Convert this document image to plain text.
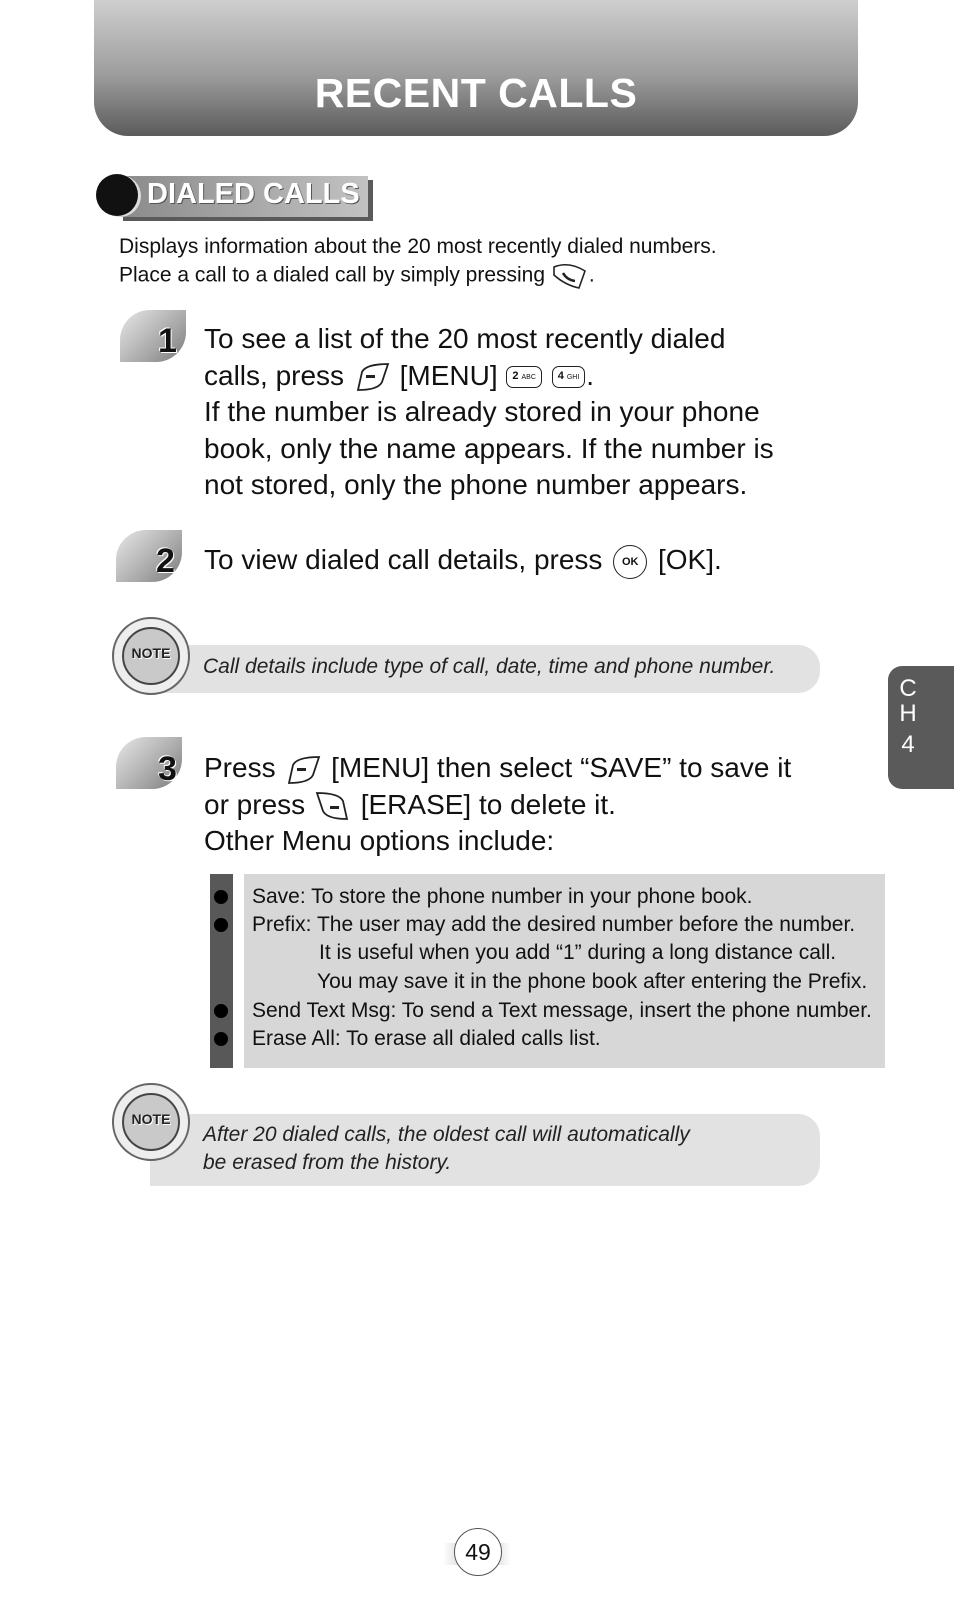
RECENT CALLS
DIALED CALLS
Displays information about the 20 most recently dialed numbers.
Place a call to a dialed call by simply pressing .
1 To see a list of the 20 most recently dialed
calls, press [MENU] 2 ABC 4 GHI .
If the number is already stored in your phone
book, only the name appears. If the number is
not stored, only the phone number appears.
2 To view dialed call details, press OK [OK].
NOTE
Call details include type of call, date, time and phone number.
3 Press [MENU] then select “SAVE” to save it
or press [ERASE] to delete it.
Other Menu options include:
Save: To store the phone number in your phone book.
Prefix: The user may add the desired number before the number.
It is useful when you add “1” during a long distance call.
You may save it in the phone book after entering the Prefix.
Send Text Msg: To send a Text message, insert the phone number.
Erase All: To erase all dialed calls list.
NOTE
After 20 dialed calls, the oldest call will automatically
be erased from the history.
C
H
4
49
